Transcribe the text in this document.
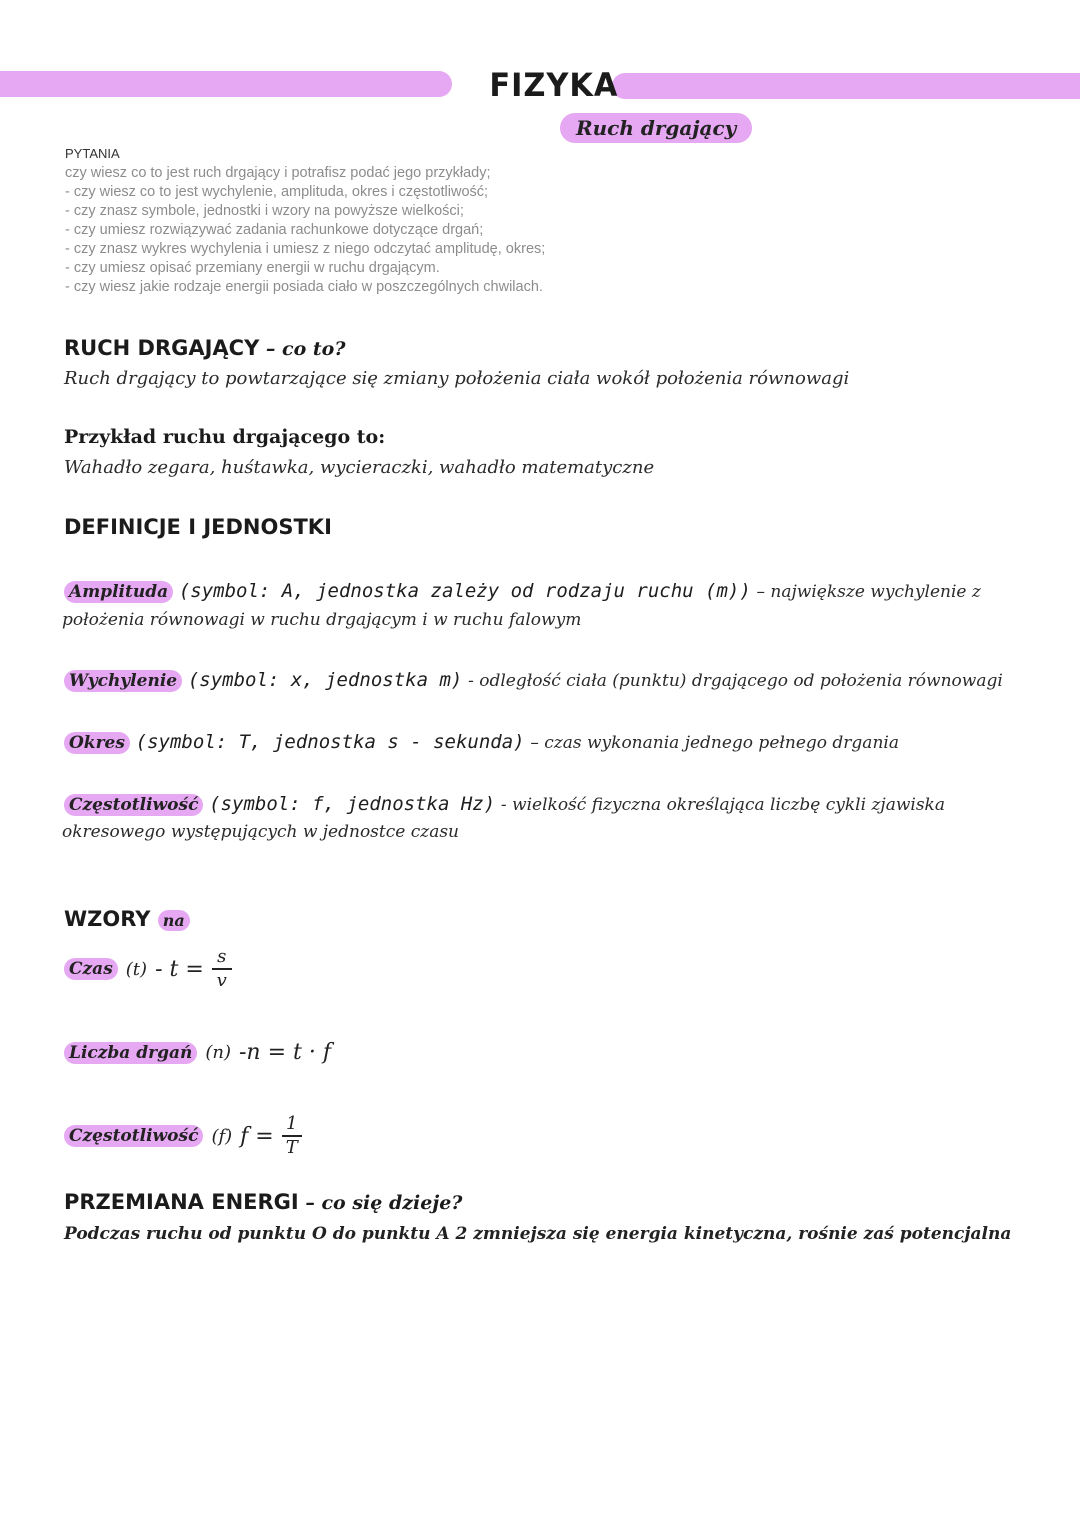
FIZYKA
Ruch drgający
PYTANIA
czy wiesz co to jest ruch drgający i potrafisz podać jego przykłady;
- czy wiesz co to jest wychylenie, amplituda, okres i częstotliwość;
- czy znasz symbole, jednostki i wzory na powyższe wielkości;
- czy umiesz rozwiązywać zadania rachunkowe dotyczące drgań;
- czy znasz wykres wychylenia i umiesz z niego odczytać amplitudę, okres;
- czy umiesz opisać przemiany energii w ruchu drgającym.
- czy wiesz jakie rodzaje energii posiada ciało w poszczególnych chwilach.
RUCH DRGAJĄCY – co to?
Ruch drgający to powtarzające się zmiany położenia ciała wokół położenia równowagi
Przykład ruchu drgającego to:
Wahadło zegara, huśtawka, wycieraczki, wahadło matematyczne
DEFINICJE I JEDNOSTKI
Amplituda (symbol: A, jednostka zależy od rodzaju ruchu (m)) – największe wychylenie z
położenia równowagi w ruchu drgającym i w ruchu falowym
Wychylenie (symbol: x, jednostka m) - odległość ciała (punktu) drgającego od położenia równowagi
Okres (symbol: T, jednostka s - sekunda) – czas wykonania jednego pełnego drgania
Częstotliwość (symbol: f, jednostka Hz) - wielkość fizyczna określająca liczbę cykli zjawiska
okresowego występujących w jednostce czasu
WZORY na
Czas $(t) - t = \frac{s}{v}$
Liczba drgań (n) -n = t · f
Częstotliwość (f) $f = \frac{1}{T}$
PRZEMIANA ENERGI – co się dzieje?
Podczas ruchu od punktu O do punktu A 2 zmniejsza się energia kinetyczna, rośnie zaś potencjalna
